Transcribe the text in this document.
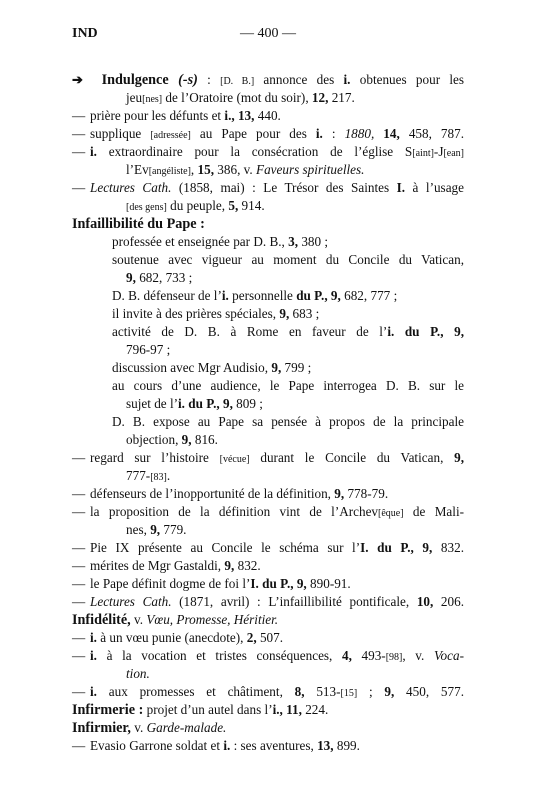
IND	— 400 —
➔ Indulgence (-s) : [D. B.] annonce des i. obtenues pour les
jeu[nes] de l’Oratoire (mot du soir), 12, 217.
— prière pour les défunts et i., 13, 440.
— supplique [adressée] au Pape pour des i. : 1880, 14, 458, 787.
— i. extraordinaire pour la consécration de l’église S[aint]-J[ean]
l’Ev[angéliste], 15, 386, v. Faveurs spirituelles.
— Lectures Cath. (1858, mai) : Le Trésor des Saintes I. à l’usage
[des gens] du peuple, 5, 914.
Infaillibilité du Pape :
professée et enseignée par D. B., 3, 380 ;
soutenue avec vigueur au moment du Concile du Vatican,
9, 682, 733 ;
D. B. défenseur de l’i. personnelle du P., 9, 682, 777 ;
il invite à des prières spéciales, 9, 683 ;
activité de D. B. à Rome en faveur de l’i. du P., 9,
796-97 ;
discussion avec Mgr Audisio, 9, 799 ;
au cours d’une audience, le Pape interrogea D. B. sur le
sujet de l’i. du P., 9, 809 ;
D. B. expose au Pape sa pensée à propos de la principale
objection, 9, 816.
— regard sur l’histoire [vécue] durant le Concile du Vatican, 9,
777-[83].
— défenseurs de l’inopportunité de la définition, 9, 778-79.
— la proposition de la définition vint de l’Archev[êque] de Mali-
nes, 9, 779.
— Pie IX présente au Concile le schéma sur l’I. du P., 9, 832.
— mérites de Mgr Gastaldi, 9, 832.
— le Pape définit dogme de foi l’I. du P., 9, 890-91.
— Lectures Cath. (1871, avril) : L’infaillibilité pontificale, 10, 206.
Infidélité, v. Vœu, Promesse, Héritier.
— i. à un vœu punie (anecdote), 2, 507.
— i. à la vocation et tristes conséquences, 4, 493-[98], v. Voca-
tion.
— i. aux promesses et châtiment, 8, 513-[15] ; 9, 450, 577.
Infirmerie : projet d’un autel dans l’i., 11, 224.
Infirmier, v. Garde-malade.
— Evasio Garrone soldat et i. : ses aventures, 13, 899.
